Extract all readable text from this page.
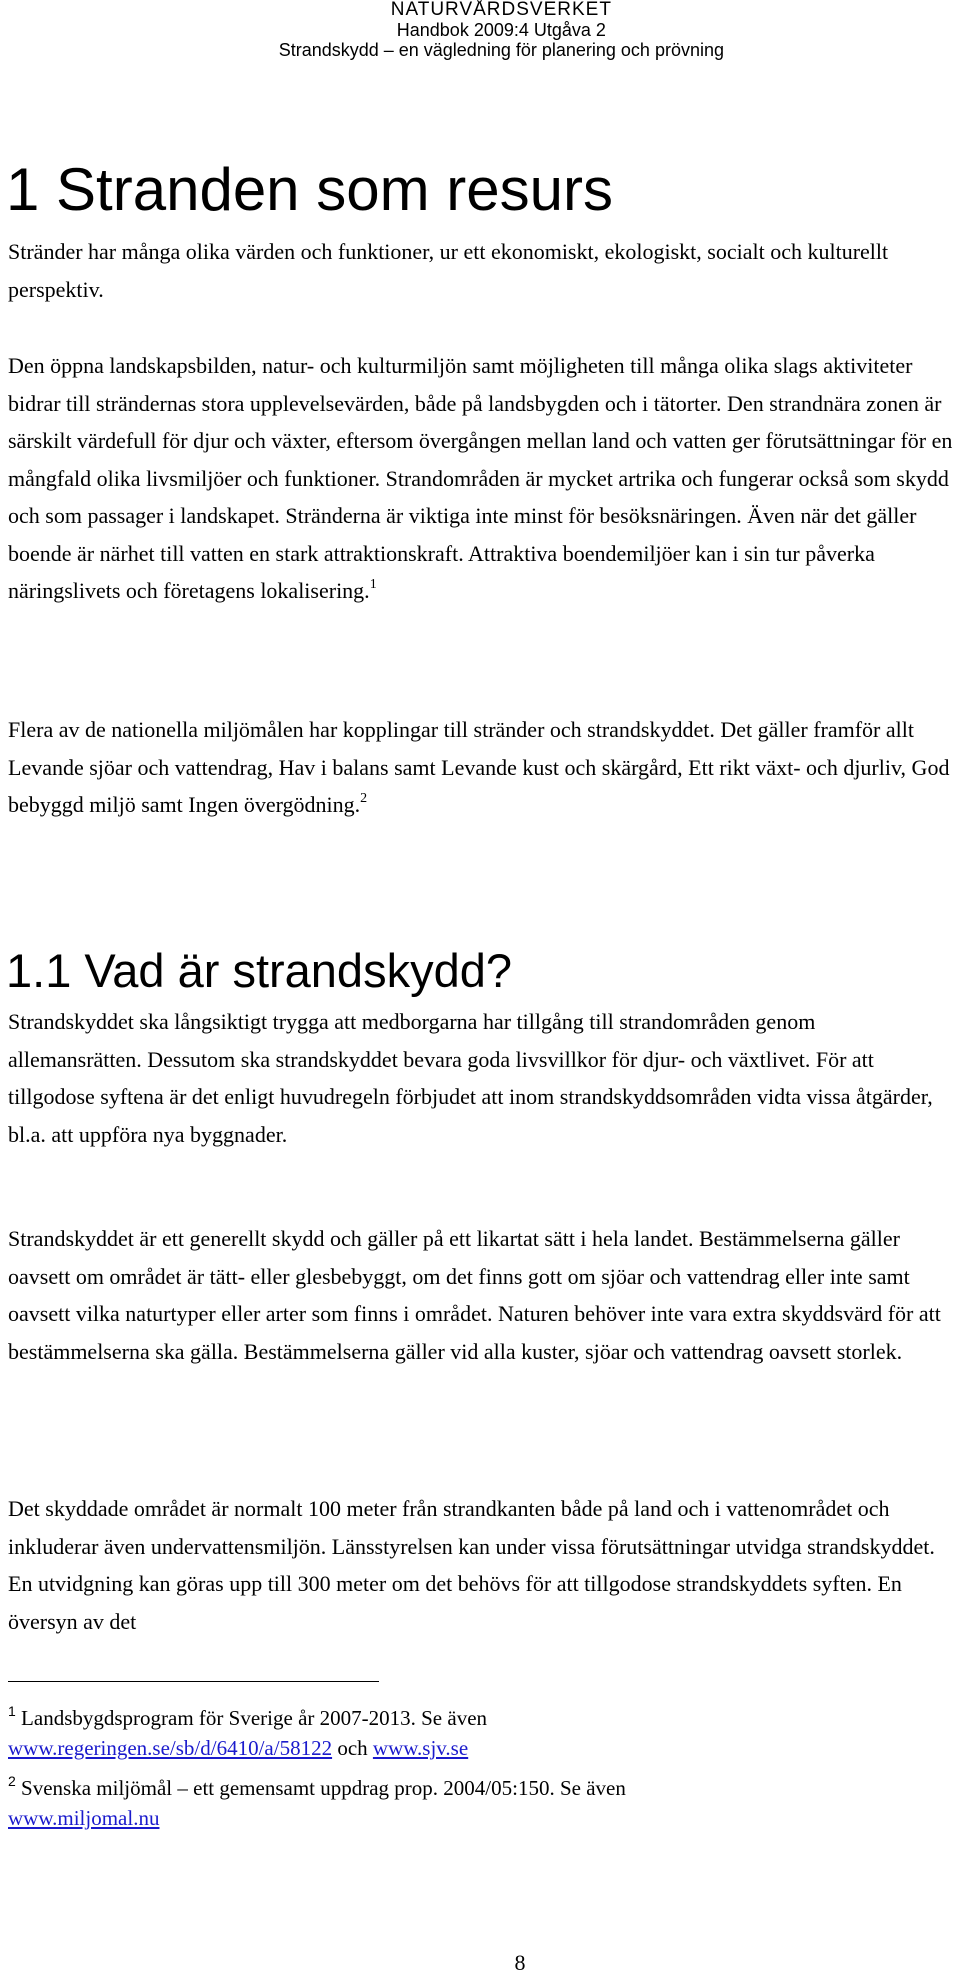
NATURVÅRDSVERKET
Handbok 2009:4 Utgåva 2
Strandskydd – en vägledning för planering och prövning
1 Stranden som resurs

Stränder har många olika värden och funktioner, ur ett ekonomiskt, ekologiskt, socialt och kulturellt perspektiv.

Den öppna landskapsbilden, natur- och kulturmiljön samt möjligheten till många olika slags aktiviteter bidrar till strändernas stora upplevelsevärden, både på landsbygden och i tätorter. Den strandnära zonen är särskilt värdefull för djur och växter, eftersom övergången mellan land och vatten ger förutsättningar för en mångfald olika livsmiljöer och funktioner. Strandområden är mycket artrika och fungerar också som skydd och som passager i landskapet. Stränderna är viktiga inte minst för besöksnäringen. Även när det gäller boende är närhet till vatten en stark attraktionskraft. Attraktiva boendemiljöer kan i sin tur påverka näringslivets och företagens lokalisering.$^1$

Flera av de nationella miljömålen har kopplingar till stränder och strandskyddet. Det gäller framför allt Levande sjöar och vattendrag, Hav i balans samt Levande kust och skärgård, Ett rikt växt- och djurliv, God bebyggd miljö samt Ingen övergödning.$^2$

1.1 Vad är strandskydd?

Strandskyddet ska långsiktigt trygga att medborgarna har tillgång till strandområden genom allemansrätten. Dessutom ska strandskyddet bevara goda livsvillkor för djur- och växtlivet. För att tillgodose syftena är det enligt huvudregeln förbjudet att inom strandskyddsområden vidta vissa åtgärder, bl.a. att uppföra nya byggnader.

Strandskyddet är ett generellt skydd och gäller på ett likartat sätt i hela landet. Bestämmelserna gäller oavsett om området är tätt- eller glesbebyggt, om det finns gott om sjöar och vattendrag eller inte samt oavsett vilka naturtyper eller arter som finns i området. Naturen behöver inte vara extra skyddsvärd för att bestämmelserna ska gälla. Bestämmelserna gäller vid alla kuster, sjöar och vattendrag oavsett storlek.

Det skyddade området är normalt 100 meter från strandkanten både på land och i vattenområdet och inkluderar även undervattensmiljön. Länsstyrelsen kan under vissa förutsättningar utvidga strandskyddet. En utvidgning kan göras upp till 300 meter om det behövs för att tillgodose strandskyddets syften. En översyn av det

$^1$ Landsbygdsprogram för Sverige år 2007-2013. Se även
www.regeringen.se/sb/d/6410/a/58122 och www.sjv.se
$^2$ Svenska miljömål – ett gemensamt uppdrag prop. 2004/05:150. Se även
www.miljomal.nu
8
